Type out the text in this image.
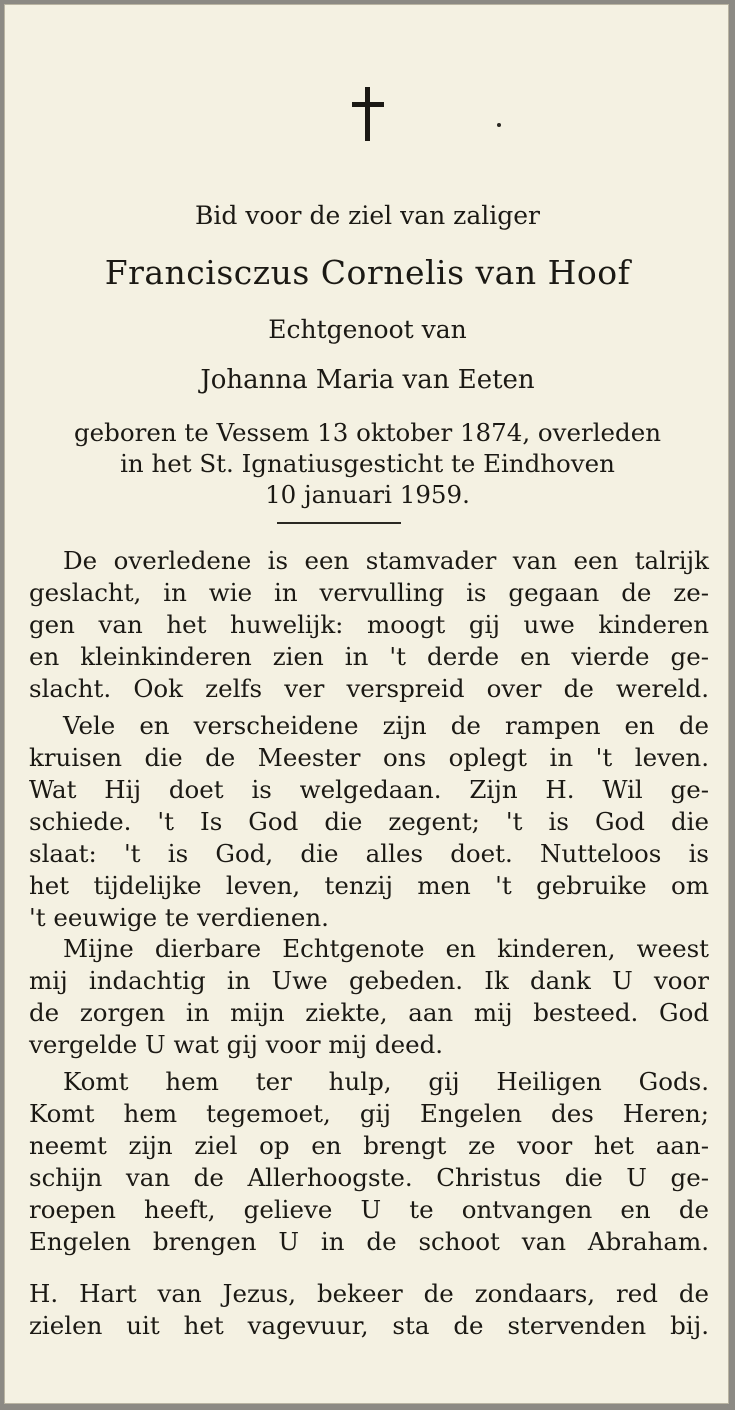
Bid voor de ziel van zaliger
Francisczus Cornelis van Hoof
Echtgenoot van
Johanna Maria van Eeten
geboren te Vessem 13 oktober 1874, overleden
in het St. Ignatiusgesticht te Eindhoven
10 januari 1959.
De overledene is een stamvader van een talrijk
geslacht, in wie in vervulling is gegaan de ze-
gen van het huwelijk: moogt gij uwe kinderen
en kleinkinderen zien in 't derde en vierde ge-
slacht. Ook zelfs ver verspreid over de wereld.
Vele en verscheidene zijn de rampen en de
kruisen die de Meester ons oplegt in 't leven.
Wat Hij doet is welgedaan. Zijn H. Wil ge-
schiede. 't Is God die zegent; 't is God die
slaat: 't is God, die alles doet. Nutteloos is
het tijdelijke leven, tenzij men 't gebruike om
't eeuwige te verdienen.
Mijne dierbare Echtgenote en kinderen, weest
mij indachtig in Uwe gebeden. Ik dank U voor
de zorgen in mijn ziekte, aan mij besteed. God
vergelde U wat gij voor mij deed.
Komt hem ter hulp, gij Heiligen Gods.
Komt hem tegemoet, gij Engelen des Heren;
neemt zijn ziel op en brengt ze voor het aan-
schijn van de Allerhoogste. Christus die U ge-
roepen heeft, gelieve U te ontvangen en de
Engelen brengen U in de schoot van Abraham.
H. Hart van Jezus, bekeer de zondaars, red de
zielen uit het vagevuur, sta de stervenden bij.
